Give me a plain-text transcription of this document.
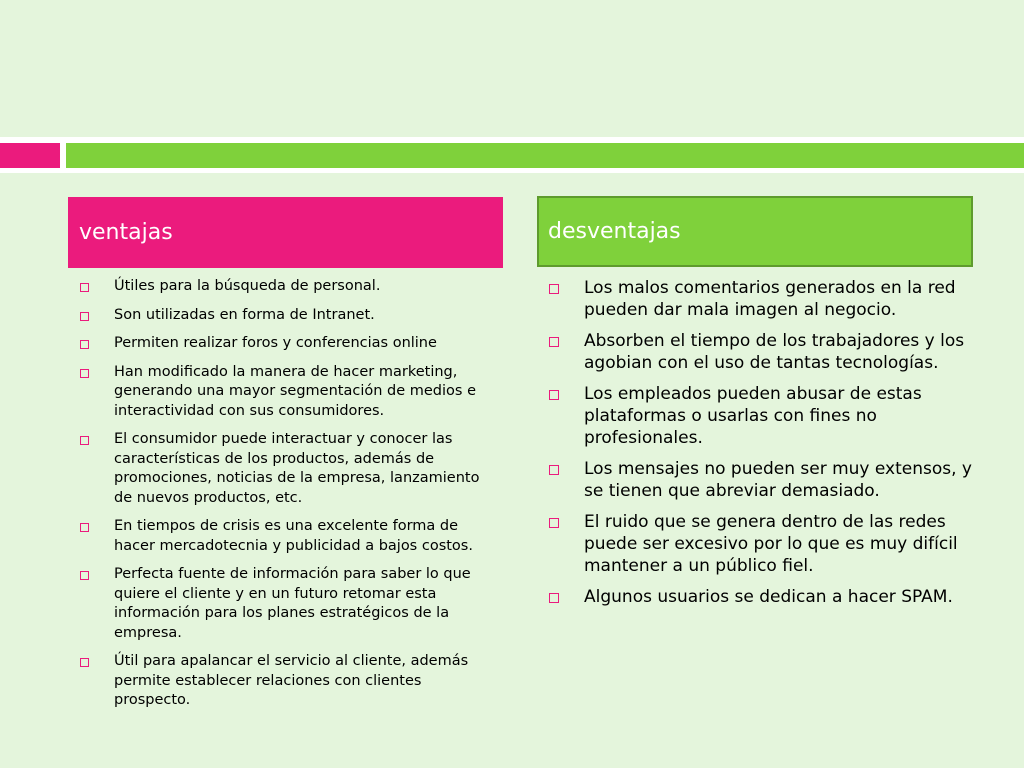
ventajas	desventajas
Útiles para la búsqueda de personal.
Son utilizadas en forma de Intranet.
Permiten realizar foros y conferencias online
Han modificado la manera de hacer marketing, generando una mayor segmentación de medios e interactividad con sus consumidores.
El consumidor puede interactuar y conocer las características de los productos, además de promociones, noticias de la empresa, lanzamiento de nuevos productos, etc.
En tiempos de crisis es una excelente forma de hacer mercadotecnia y publicidad a bajos costos.
Perfecta fuente de información para saber lo que quiere el cliente y en un futuro retomar esta información para los planes estratégicos de la empresa.
Útil para apalancar el servicio al cliente, además permite establecer relaciones con clientes prospecto.
Los malos comentarios generados en la red pueden dar mala imagen al negocio.
Absorben el tiempo de los trabajadores y los agobian con el uso de tantas tecnologías.
Los empleados pueden abusar de estas plataformas o usarlas con fines no profesionales.
Los mensajes no pueden ser muy extensos, y se tienen que abreviar demasiado.
El ruido que se genera dentro de las redes puede ser excesivo por lo que es muy difícil mantener a un público fiel.
Algunos usuarios se dedican a hacer SPAM.
